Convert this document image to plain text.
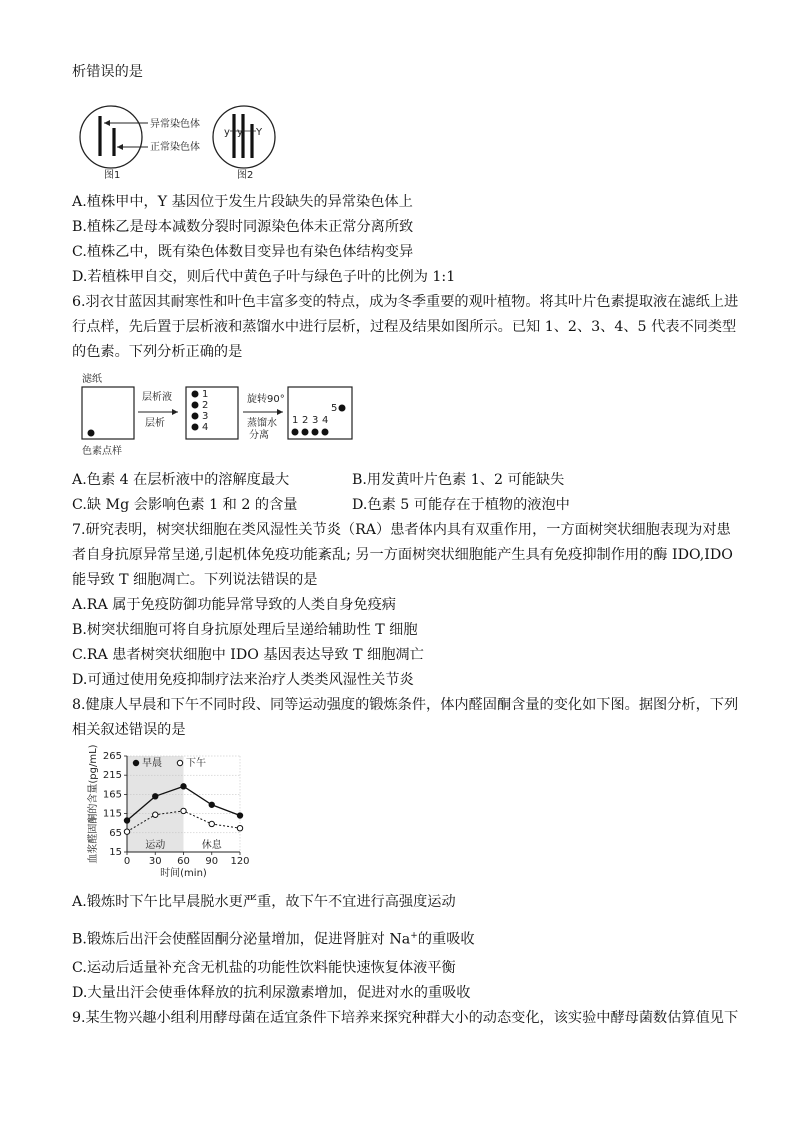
析错误的是
异常染色体
正常染色体
图1
y y Y
图2
A.植株甲中，Y 基因位于发生片段缺失的异常染色体上
B.植株乙是母本减数分裂时同源染色体未正常分离所致
C.植株乙中，既有染色体数目变异也有染色体结构变异
D.若植株甲自交，则后代中黄色子叶与绿色子叶的比例为 1:1
6.羽衣甘蓝因其耐寒性和叶色丰富多变的特点，成为冬季重要的观叶植物。将其叶片色素提取液在滤纸上进
行点样，先后置于层析液和蒸馏水中进行层析，过程及结果如图所示。已知 1、2、3、4、5 代表不同类型
的色素。下列分析正确的是
滤纸
色素点样
层析液
层析
1
2
3
4
旋转90°
蒸馏水
分离
1 2 3 4
5
A.色素 4 在层析液中的溶解度最大	B.用发黄叶片色素 1、2 可能缺失
C.缺 Mg 会影响色素 1 和 2 的含量	D.色素 5 可能存在于植物的液泡中
7.研究表明，树突状细胞在类风湿性关节炎（RA）患者体内具有双重作用，一方面树突状细胞表现为对患
者自身抗原异常呈递,引起机体免疫功能紊乱; 另一方面树突状细胞能产生具有免疫抑制作用的酶 IDO,IDO
能导致 T 细胞凋亡。下列说法错误的是
A.RA 属于免疫防御功能异常导致的人类自身免疫病
B.树突状细胞可将自身抗原处理后呈递给辅助性 T 细胞
C.RA 患者树突状细胞中 IDO 基因表达导致 T 细胞凋亡
D.可通过使用免疫抑制疗法来治疗人类类风湿性关节炎
8.健康人早晨和下午不同时段、同等运动强度的锻炼条件，体内醛固酮含量的变化如下图。据图分析，下列
相关叙述错误的是
15
65
115
165
215
265
0 30 60 90 120
血浆醛固酮的含量(pg/mL)
时间(min)
早晨 下午
运动	休息
A.锻炼时下午比早晨脱水更严重，故下午不宜进行高强度运动
B.锻炼后出汗会使醛固酮分泌量增加，促进肾脏对 Na+的重吸收
C.运动后适量补充含无机盐的功能性饮料能快速恢复体液平衡
D.大量出汗会使垂体释放的抗利尿激素增加，促进对水的重吸收
9.某生物兴趣小组利用酵母菌在适宜条件下培养来探究种群大小的动态变化，该实验中酵母菌数估算值见下
